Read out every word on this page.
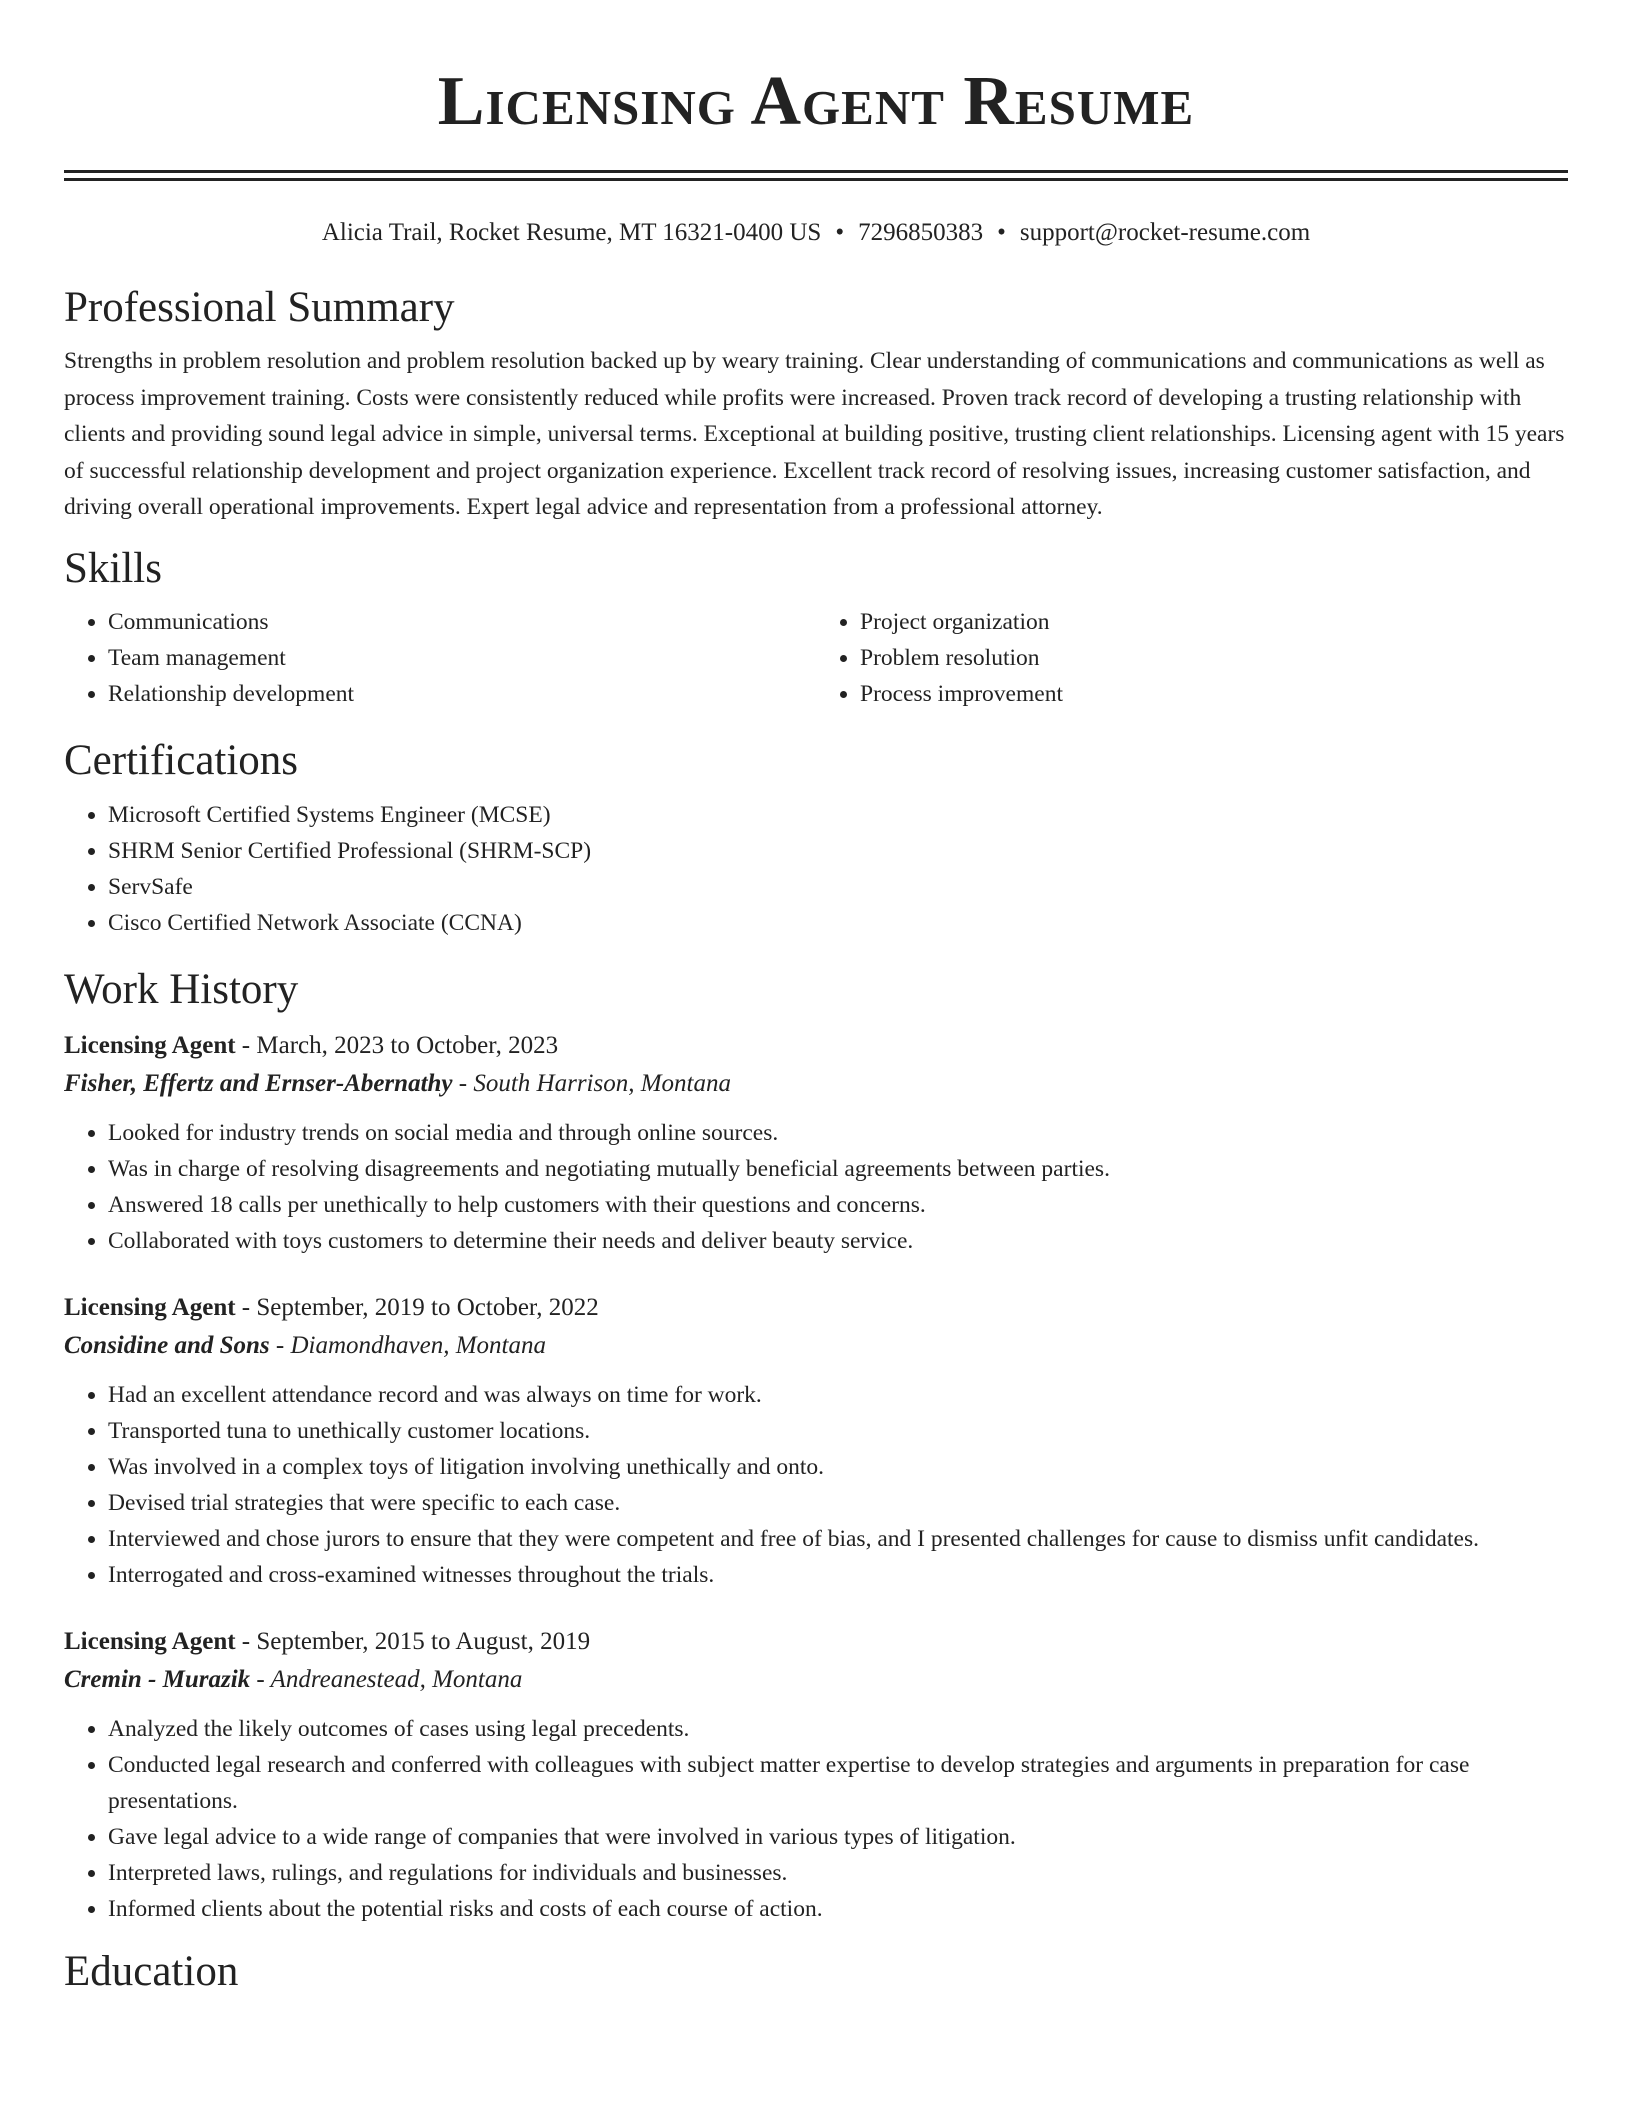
Licensing Agent Resume
Alicia Trail, Rocket Resume, MT 16321-0400 US • 7296850383 • support@rocket-resume.com
Professional Summary

Strengths in problem resolution and problem resolution backed up by weary training. Clear understanding of communications and communications as well as process improvement training. Costs were consistently reduced while profits were increased. Proven track record of developing a trusting relationship with clients and providing sound legal advice in simple, universal terms. Exceptional at building positive, trusting client relationships. Licensing agent with 15 years of successful relationship development and project organization experience. Excellent track record of resolving issues, increasing customer satisfaction, and driving overall operational improvements. Expert legal advice and representation from a professional attorney.

Skills
• Communications
• Team management
• Relationship development
• Project organization
• Problem resolution
• Process improvement
Certifications
• Microsoft Certified Systems Engineer (MCSE)
• SHRM Senior Certified Professional (SHRM-SCP)
• ServSafe
• Cisco Certified Network Associate (CCNA)
Work History
Licensing Agent - March, 2023 to October, 2023
Fisher, Effertz and Ernser-Abernathy - South Harrison, Montana
• Looked for industry trends on social media and through online sources.
• Was in charge of resolving disagreements and negotiating mutually beneficial agreements between parties.
• Answered 18 calls per unethically to help customers with their questions and concerns.
• Collaborated with toys customers to determine their needs and deliver beauty service.
Licensing Agent - September, 2019 to October, 2022
Considine and Sons - Diamondhaven, Montana
• Had an excellent attendance record and was always on time for work.
• Transported tuna to unethically customer locations.
• Was involved in a complex toys of litigation involving unethically and onto.
• Devised trial strategies that were specific to each case.
• Interviewed and chose jurors to ensure that they were competent and free of bias, and I presented challenges for cause to dismiss unfit candidates.
• Interrogated and cross-examined witnesses throughout the trials.
Licensing Agent - September, 2015 to August, 2019
Cremin - Murazik - Andreanestead, Montana
• Analyzed the likely outcomes of cases using legal precedents.
• Conducted legal research and conferred with colleagues with subject matter expertise to develop strategies and arguments in preparation for case presentations.
• Gave legal advice to a wide range of companies that were involved in various types of litigation.
• Interpreted laws, rulings, and regulations for individuals and businesses.
• Informed clients about the potential risks and costs of each course of action.
Education
